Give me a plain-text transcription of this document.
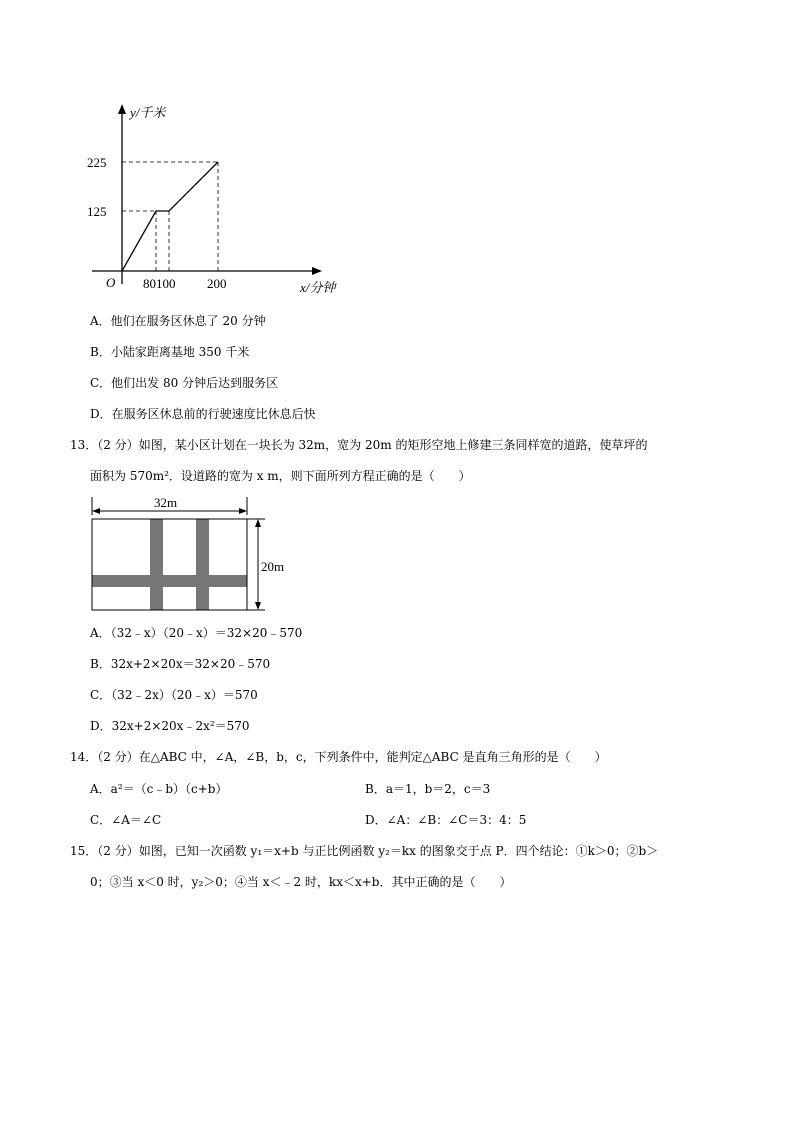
y/千米
x/分钟
O
225
125
80100 200
A．他们在服务区休息了 20 分钟
B．小陆家距离基地 350 千米
C．他们出发 80 分钟后达到服务区
D．在服务区休息前的行驶速度比休息后快
13．（2 分）如图，某小区计划在一块长为 32m，宽为 20m 的矩形空地上修建三条同样宽的道路，使草坪的
面积为 570m²．设道路的宽为 x m，则下面所列方程正确的是（　　）
32m
20m
A．（32﹣x）（20﹣x）＝32×20﹣570
B．32x+2×20x＝32×20﹣570
C．（32﹣2x）（20﹣x）＝570
D．32x+2×20x﹣2x²＝570
14．（2 分）在△ABC 中，∠A，∠B，b，c，下列条件中，能判定△ABC 是直角三角形的是（　　）
A．a²＝（c﹣b）（c+b）	B．a＝1，b＝2，c＝3
C．∠A＝∠C	D．∠A：∠B：∠C＝3：4：5
15．（2 分）如图，已知一次函数 y₁＝x+b 与正比例函数 y₂＝kx 的图象交于点 P．四个结论：①k＞0；②b＞
0；③当 x＜0 时，y₂＞0；④当 x＜﹣2 时，kx＜x+b．其中正确的是（　　）
